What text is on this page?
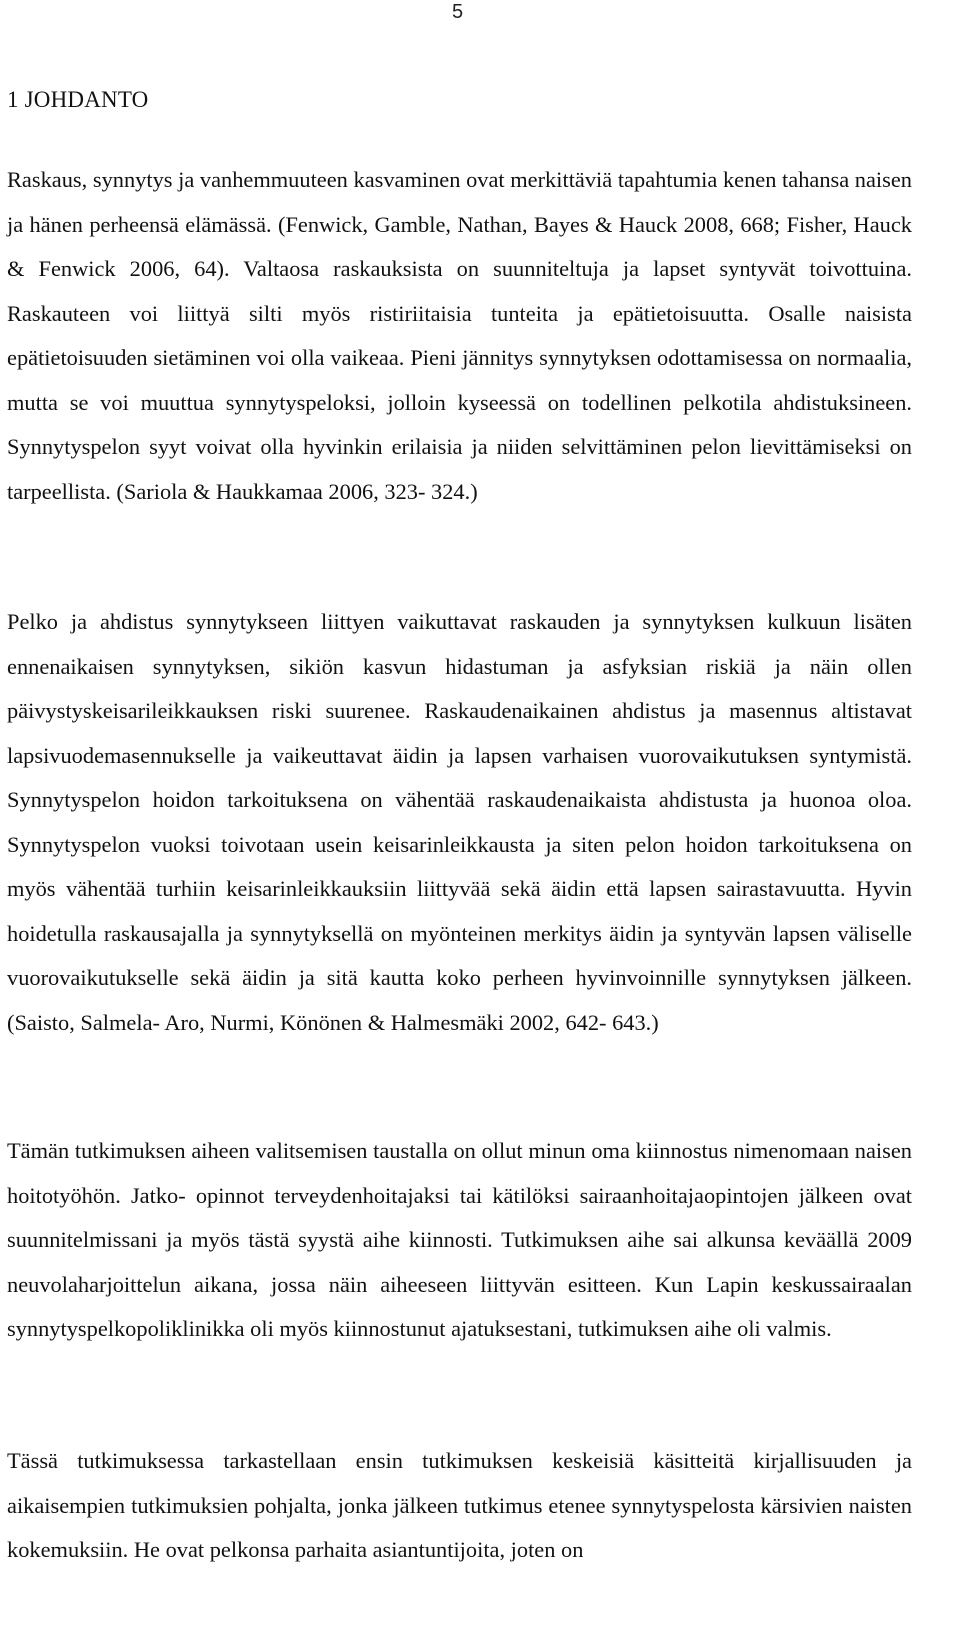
5
1 JOHDANTO
Raskaus, synnytys ja vanhemmuuteen kasvaminen ovat merkittäviä tapahtumia kenen tahansa naisen ja hänen perheensä elämässä. (Fenwick, Gamble, Nathan, Bayes & Hauck 2008, 668; Fisher, Hauck & Fenwick 2006, 64). Valtaosa raskauksista on suunniteltuja ja lapset syntyvät toivottuina. Raskauteen voi liittyä silti myös ristiriitaisia tunteita ja epätietoisuutta. Osalle naisista epätietoisuuden sietäminen voi olla vaikeaa. Pieni jännitys synnytyksen odottamisessa on normaalia, mutta se voi muuttua synnytyspeloksi, jolloin kyseessä on todellinen pelkotila ahdistuksineen. Synnytyspelon syyt voivat olla hyvinkin erilaisia ja niiden selvittäminen pelon lievittämiseksi on tarpeellista. (Sariola & Haukkamaa 2006, 323- 324.)
Pelko ja ahdistus synnytykseen liittyen vaikuttavat raskauden ja synnytyksen kulkuun lisäten ennenaikaisen synnytyksen, sikiön kasvun hidastuman ja asfyksian riskiä ja näin ollen päivystyskeisarileikkauksen riski suurenee. Raskaudenaikainen ahdistus ja masennus altistavat lapsivuodemasennukselle ja vaikeuttavat äidin ja lapsen varhaisen vuorovaikutuksen syntymistä. Synnytyspelon hoidon tarkoituksena on vähentää raskaudenaikaista ahdistusta ja huonoa oloa. Synnytyspelon vuoksi toivotaan usein keisarinleikkausta ja siten pelon hoidon tarkoituksena on myös vähentää turhiin keisarinleikkauksiin liittyvää sekä äidin että lapsen sairastavuutta. Hyvin hoidetulla raskausajalla ja synnytyksellä on myönteinen merkitys äidin ja syntyvän lapsen väliselle vuorovaikutukselle sekä äidin ja sitä kautta koko perheen hyvinvoinnille synnytyksen jälkeen. (Saisto, Salmela- Aro, Nurmi, Könönen & Halmesmäki 2002, 642- 643.)
Tämän tutkimuksen aiheen valitsemisen taustalla on ollut minun oma kiinnostus nimenomaan naisen hoitotyöhön. Jatko- opinnot terveydenhoitajaksi tai kätilöksi sairaanhoitajaopintojen jälkeen ovat suunnitelmissani ja myös tästä syystä aihe kiinnosti. Tutkimuksen aihe sai alkunsa keväällä 2009 neuvolaharjoittelun aikana, jossa näin aiheeseen liittyvän esitteen. Kun Lapin keskussairaalan synnytyspelkopoliklinikka oli myös kiinnostunut ajatuksestani, tutkimuksen aihe oli valmis.
Tässä tutkimuksessa tarkastellaan ensin tutkimuksen keskeisiä käsitteitä kirjallisuuden ja aikaisempien tutkimuksien pohjalta, jonka jälkeen tutkimus etenee synnytyspelosta kärsivien naisten kokemuksiin. He ovat pelkonsa parhaita asiantuntijoita, joten on
